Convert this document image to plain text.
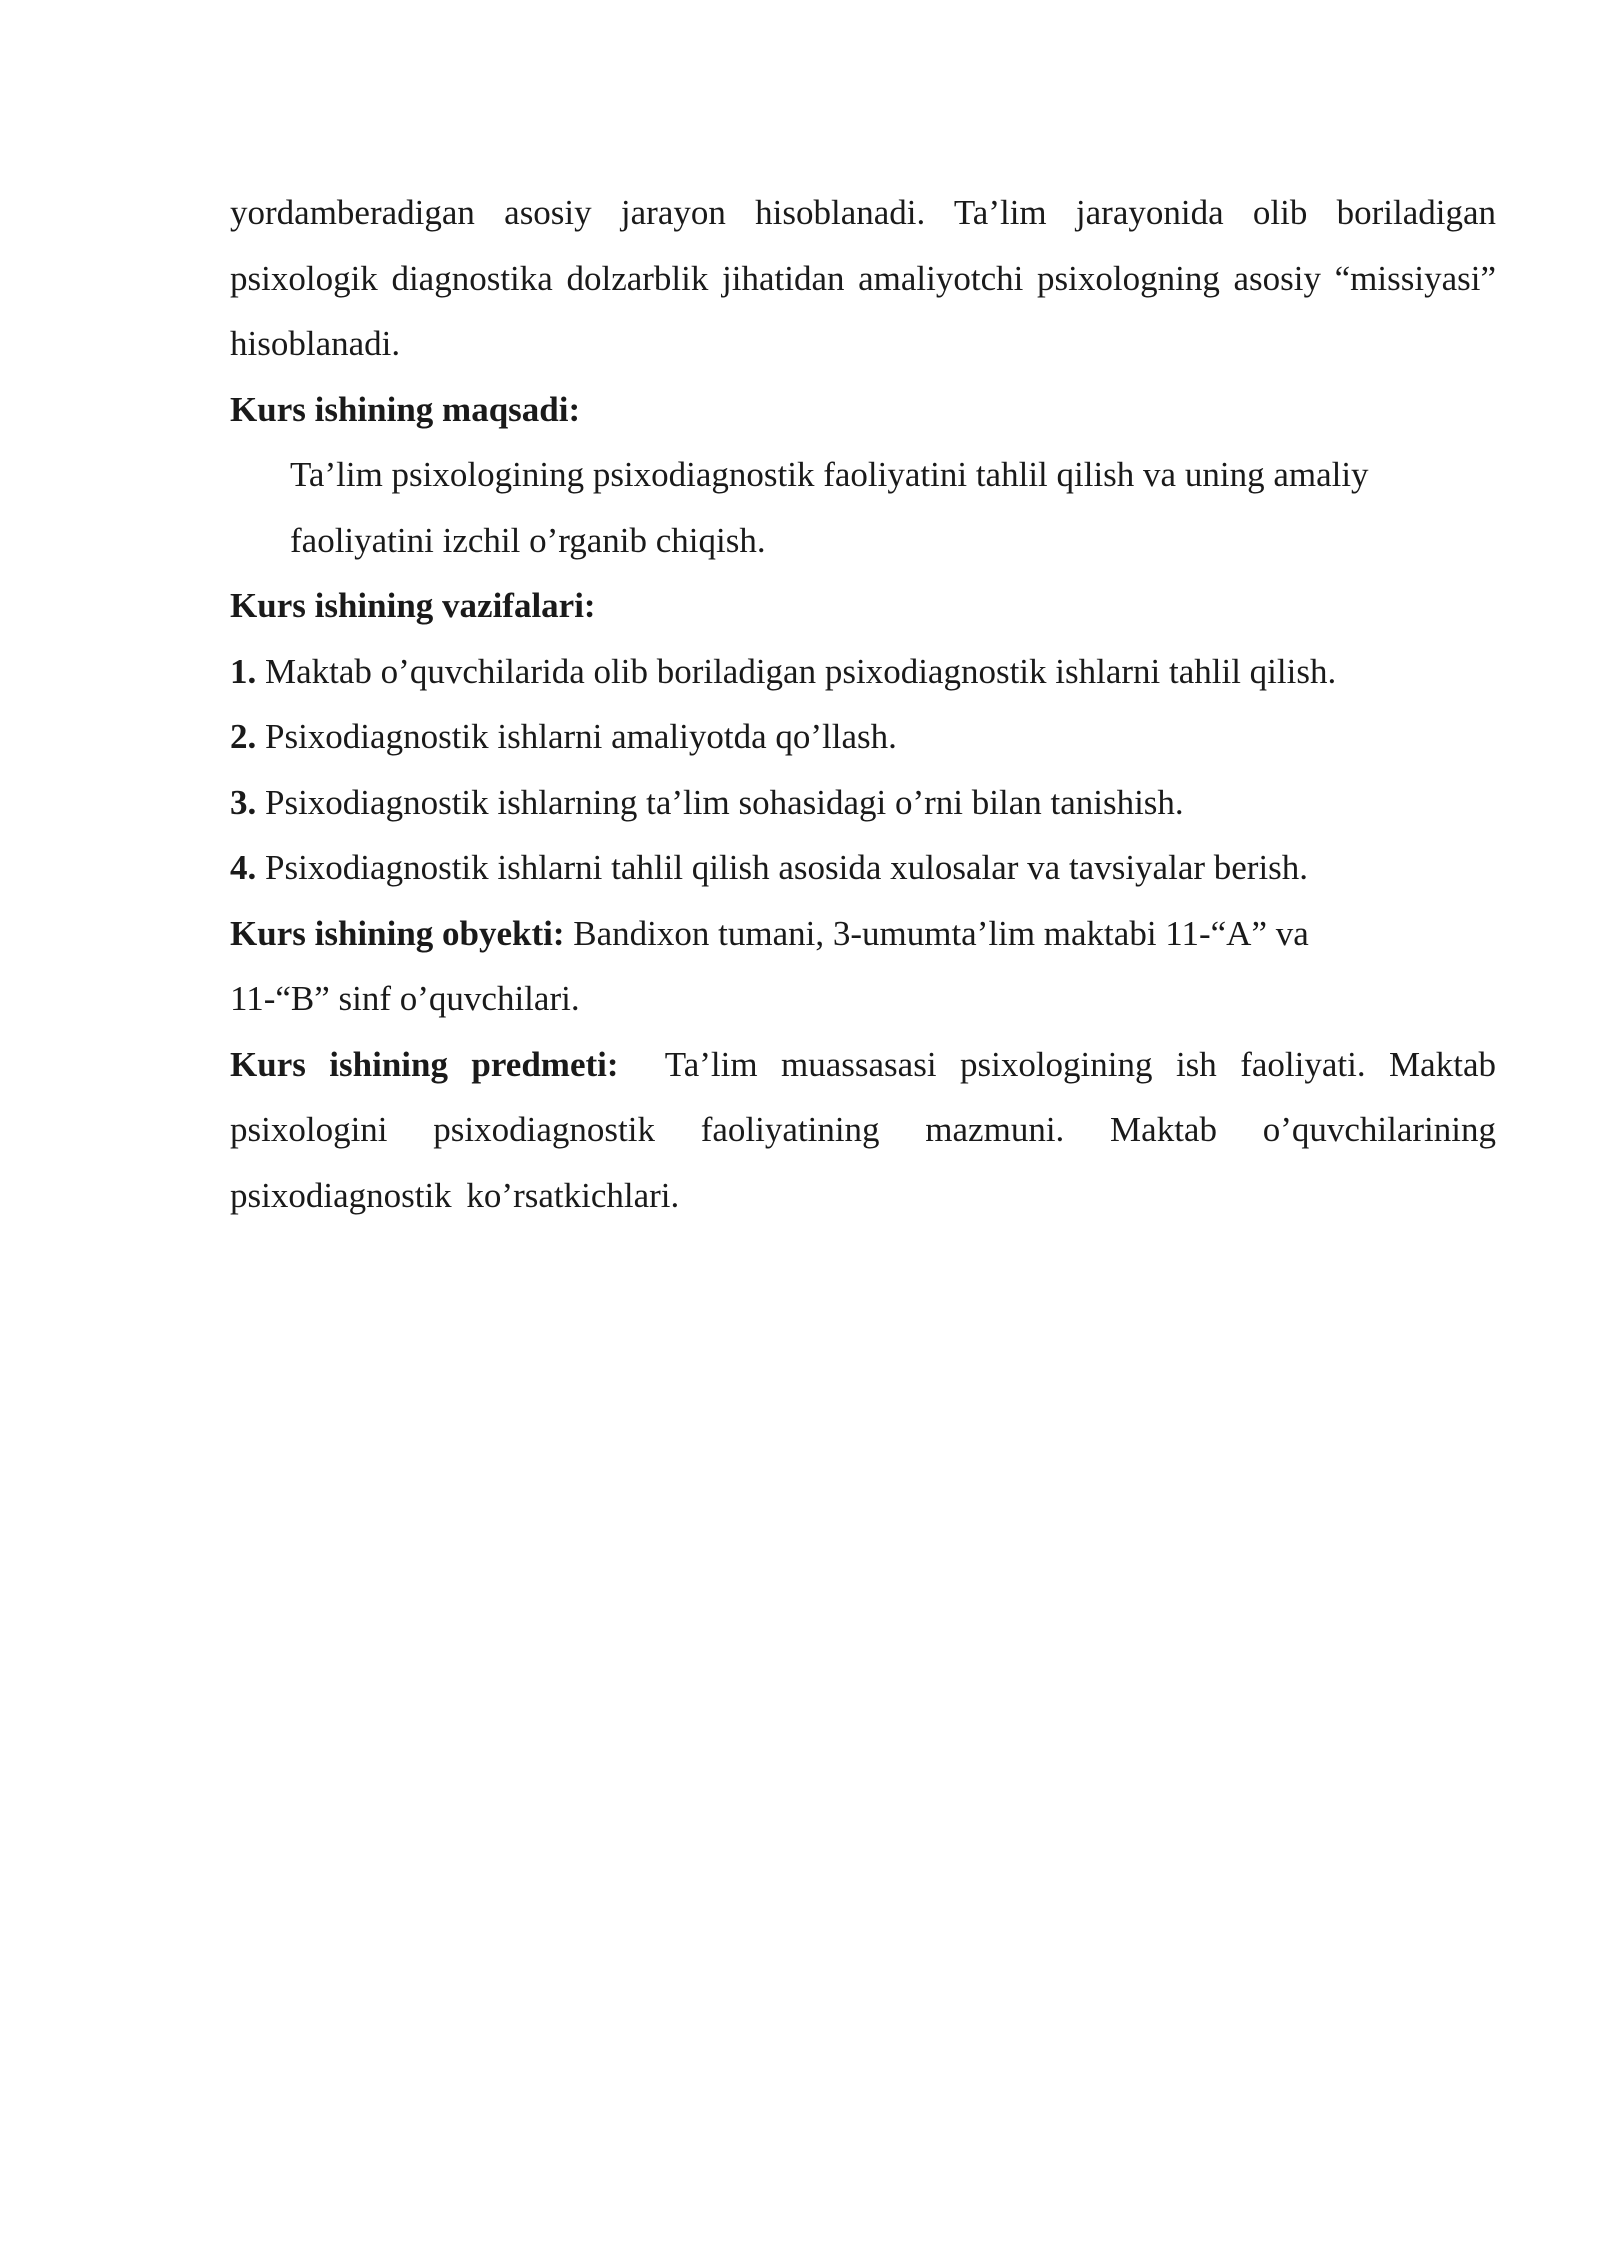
yordamberadigan asosiy jarayon hisoblanadi. Ta’lim jarayonida olib boriladigan psixologik diagnostika dolzarblik jihatidan amaliyotchi psixologning asosiy “missiyasi” hisoblanadi.

Kurs ishining maqsadi:

Ta’lim psixologining psixodiagnostik faoliyatini tahlil qilish va uning amaliy faoliyatini izchil o’rganib chiqish.

Kurs ishining vazifalari:

1. Maktab o’quvchilarida olib boriladigan psixodiagnostik ishlarni tahlil qilish.

2. Psixodiagnostik ishlarni amaliyotda qo’llash.

3. Psixodiagnostik ishlarning ta’lim sohasidagi o’rni bilan tanishish.

4. Psixodiagnostik ishlarni tahlil qilish asosida xulosalar va tavsiyalar berish.

Kurs ishining obyekti: Bandixon tumani, 3-umumta’lim maktabi 11-“A” va

11-“B” sinf o’quvchilari.

Kurs ishining predmeti:  Ta’lim muassasasi psixologining ish faoliyati. Maktab psixologini psixodiagnostik faoliyatining mazmuni. Maktab o’quvchilarining psixodiagnostik ko’rsatkichlari.
